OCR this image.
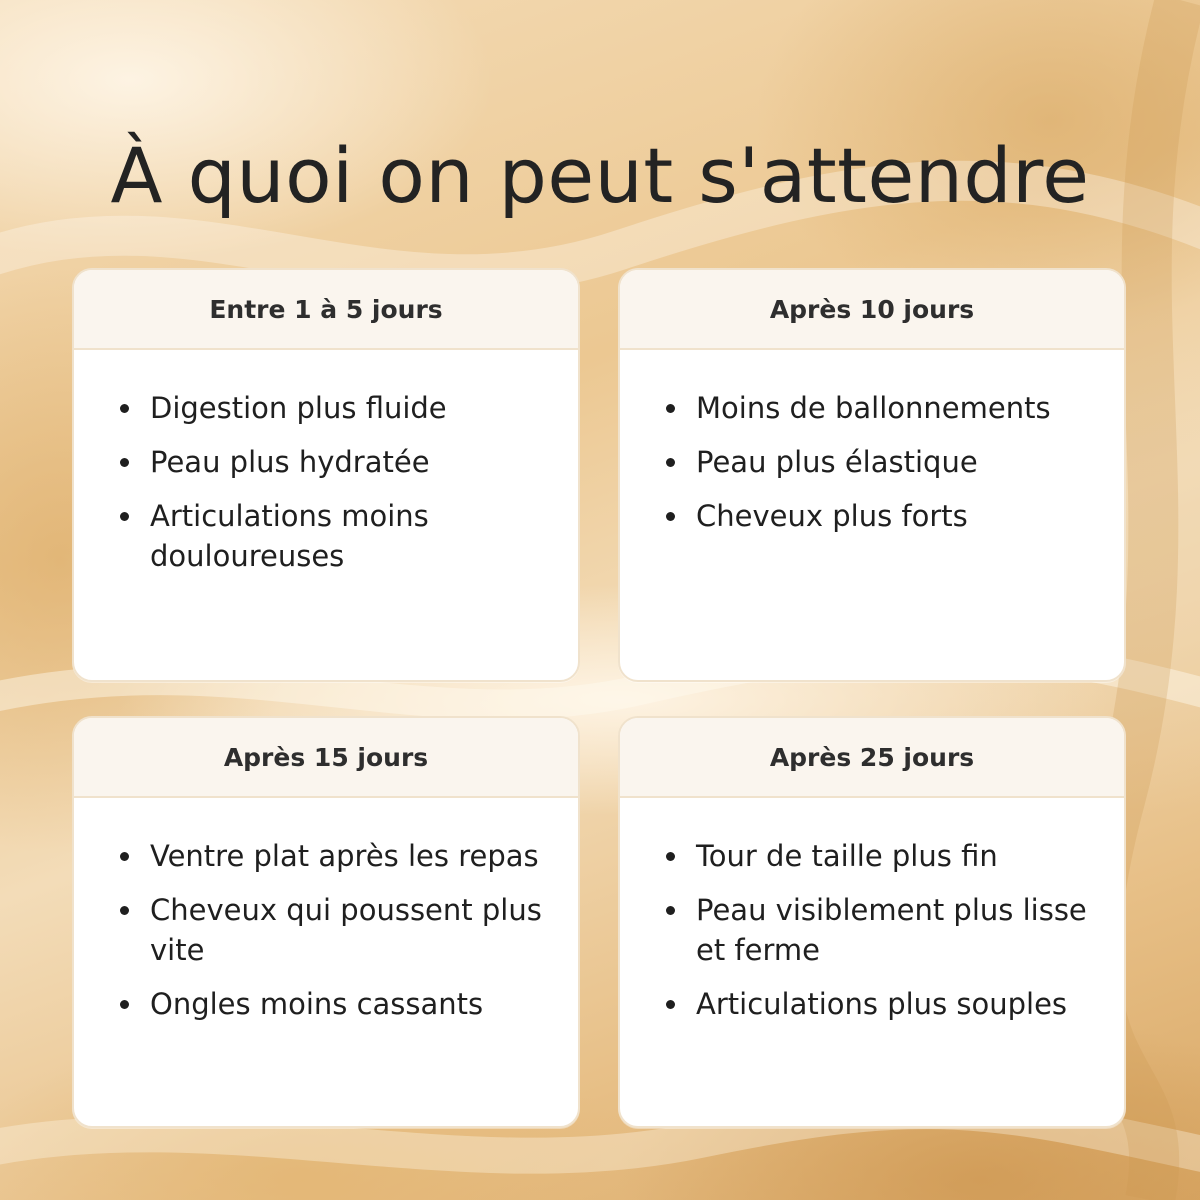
À quoi on peut s'attendre
Entre 1 à 5 jours
Digestion plus fluide
Peau plus hydratée
Articulations moins douloureuses
Après 10 jours
Moins de ballonnements
Peau plus élastique
Cheveux plus forts
Après 15 jours
Ventre plat après les repas
Cheveux qui poussent plus vite
Ongles moins cassants
Après 25 jours
Tour de taille plus fin
Peau visiblement plus lisse et ferme
Articulations plus souples
